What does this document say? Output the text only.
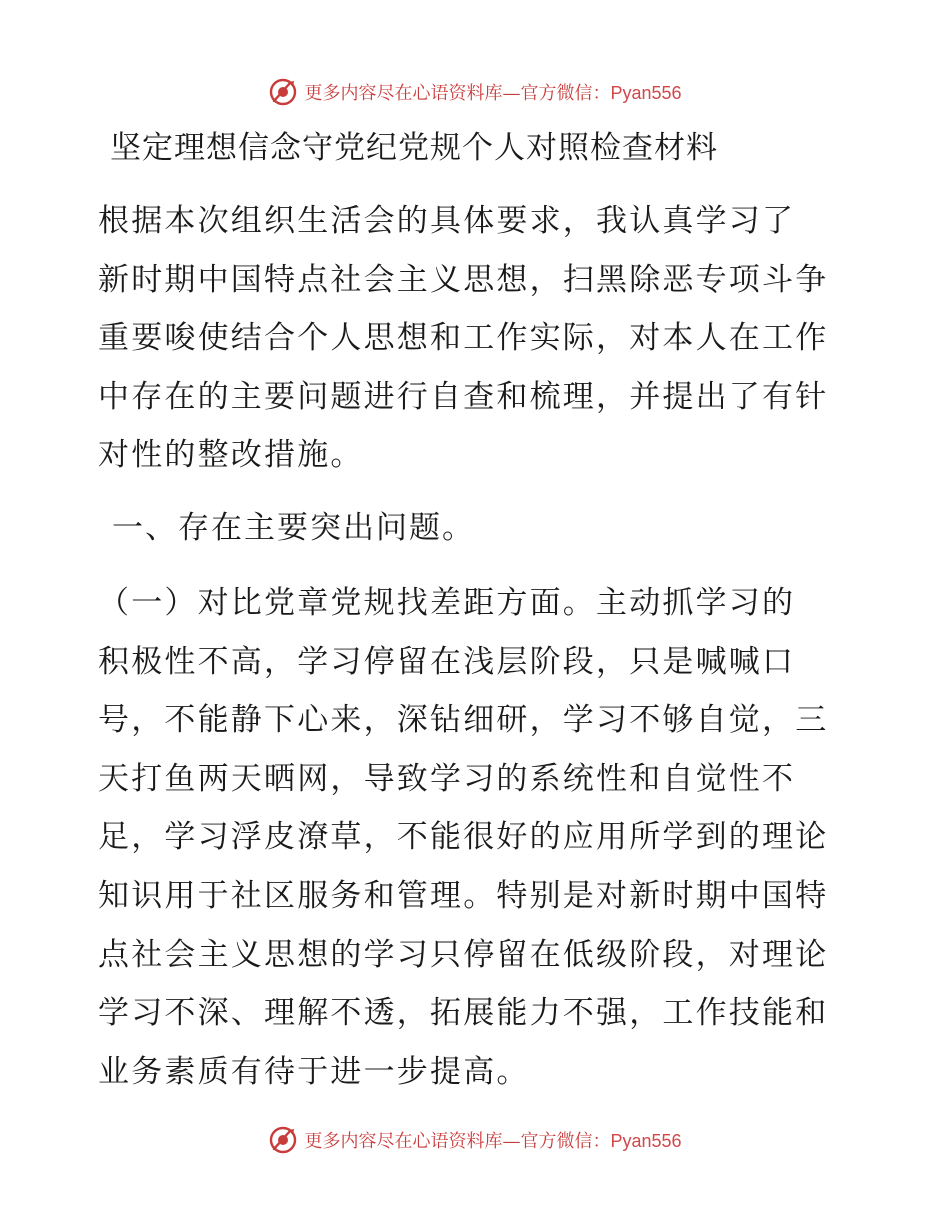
更多内容尽在心语资料库—官方微信：Pyan556
坚定理想信念守党纪党规个人对照检查材料
根据本次组织生活会的具体要求，我认真学习了
新时期中国特点社会主义思想，扫黑除恶专项斗争
重要唆使结合个人思想和工作实际，对本人在工作
中存在的主要问题进行自查和梳理，并提出了有针
对性的整改措施。
一、存在主要突出问题。
（一）对比党章党规找差距方面。主动抓学习的
积极性不高，学习停留在浅层阶段，只是喊喊口
号，不能静下心来，深钻细研，学习不够自觉，三
天打鱼两天晒网，导致学习的系统性和自觉性不
足，学习浮皮潦草，不能很好的应用所学到的理论
知识用于社区服务和管理。特别是对新时期中国特
点社会主义思想的学习只停留在低级阶段，对理论
学习不深、理解不透，拓展能力不强，工作技能和
业务素质有待于进一步提高。
更多内容尽在心语资料库—官方微信：Pyan556
